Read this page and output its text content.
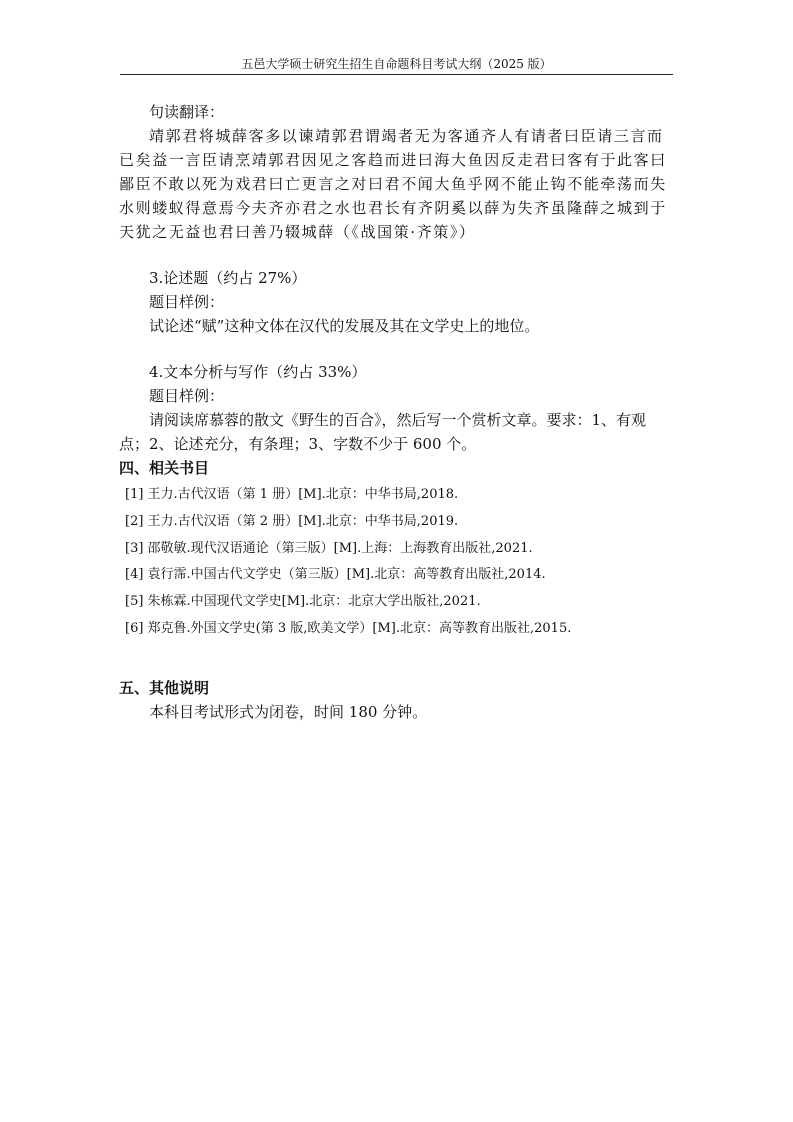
五邑大学硕士研究生招生自命题科目考试大纲（2025 版）

句读翻译：

靖郭君将城薛客多以谏靖郭君谓竭者无为客通齐人有请者曰臣请三言而已矣益一言臣请烹靖郭君因见之客趋而进曰海大鱼因反走君曰客有于此客曰鄙臣不敢以死为戏君曰亡更言之对曰君不闻大鱼乎网不能止钩不能牵荡而失水则蝼蚁得意焉今夫齐亦君之水也君长有齐阴奚以薛为失齐虽隆薛之城到于天犹之无益也君曰善乃辍城薛（《战国策·齐策》）

3.论述题（约占 27%）

题目样例：

试论述“赋”这种文体在汉代的发展及其在文学史上的地位。

4.文本分析与写作（约占 33%）

题目样例：

请阅读席慕蓉的散文《野生的百合》，然后写一个赏析文章。要求：1、有观点；2、论述充分，有条理；3、字数不少于 600 个。

四、相关书目

[1] 王力.古代汉语（第 1 册）[M].北京：中华书局,2018.
[2] 王力.古代汉语（第 2 册）[M].北京：中华书局,2019.
[3] 邵敬敏.现代汉语通论（第三版）[M].上海：上海教育出版社,2021.
[4] 袁行霈.中国古代文学史（第三版）[M].北京：高等教育出版社,2014.
[5] 朱栋霖.中国现代文学史[M].北京：北京大学出版社,2021.
[6] 郑克鲁.外国文学史(第 3 版,欧美文学）[M].北京：高等教育出版社,2015.

五、其他说明

本科目考试形式为闭卷，时间 180 分钟。
